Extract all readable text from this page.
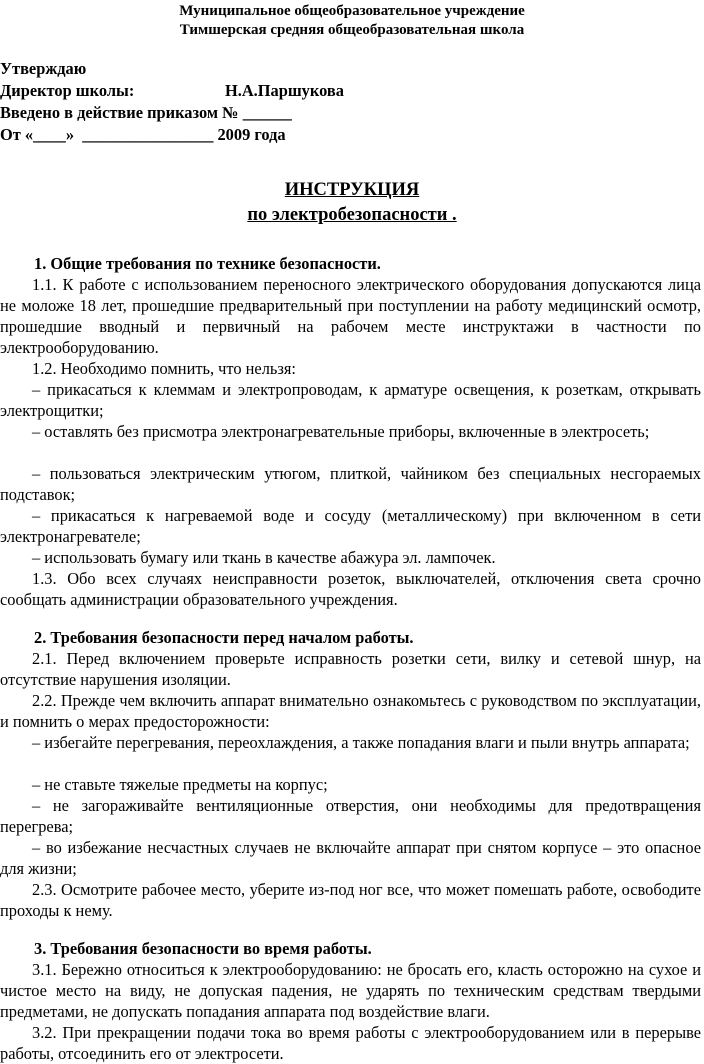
Муниципальное общеобразовательное учреждение
Тимшерская средняя общеобразовательная школа
Утверждаю
Директор школы:	Н.А.Паршукова
Введено в действие приказом № ______
От «____»  ________________ 2009 года
ИНСТРУКЦИЯ
по электробезопасности .
1. Общие требования по технике безопасности.
1.1. К работе с использованием переносного электрического оборудования допускаются лица не моложе 18 лет, прошедшие предварительный при поступлении на работу медицинский осмотр, прошедшие вводный и первичный на рабочем месте инструктажи в частности по электрооборудованию.
1.2. Необходимо помнить, что нельзя:
– прикасаться к клеммам и электропроводам, к арматуре освещения, к розеткам, открывать электрощитки;
– оставлять без присмотра электронагревательные приборы, включенные в электросеть;
– пользоваться электрическим утюгом, плиткой, чайником без специальных несгораемых подставок;
– прикасаться к нагреваемой воде и сосуду (металлическому) при включенном в сети электронагревателе;
– использовать бумагу или ткань в качестве абажура эл. лампочек.
1.3. Обо всех случаях неисправности розеток, выключателей, отключения света срочно сообщать администрации образовательного учреждения.
2. Требования безопасности перед началом работы.
2.1. Перед включением проверьте исправность розетки сети, вилку и сетевой шнур, на отсутствие нарушения изоляции.
2.2. Прежде чем включить аппарат внимательно ознакомьтесь с руководством по эксплуатации, и помнить о мерах предосторожности:
– избегайте перегревания, переохлаждения, а также попадания влаги и пыли внутрь аппарата;
– не ставьте тяжелые предметы на корпус;
– не загораживайте вентиляционные отверстия, они необходимы для предотвращения перегрева;
– во избежание несчастных случаев не включайте аппарат при снятом корпусе – это опасное для жизни;
2.3. Осмотрите рабочее место, уберите из-под ног все, что может помешать работе, освободите проходы к нему.
3. Требования безопасности во время работы.
3.1. Бережно относиться к электрооборудованию: не бросать его, класть осторожно на сухое и чистое место на виду, не допуская падения, не ударять по техническим средствам твердыми предметами, не допускать попадания аппарата под воздействие влаги.
3.2. При прекращении подачи тока во время работы с электрооборудованием или в перерыве работы, отсоединить его от электросети.
